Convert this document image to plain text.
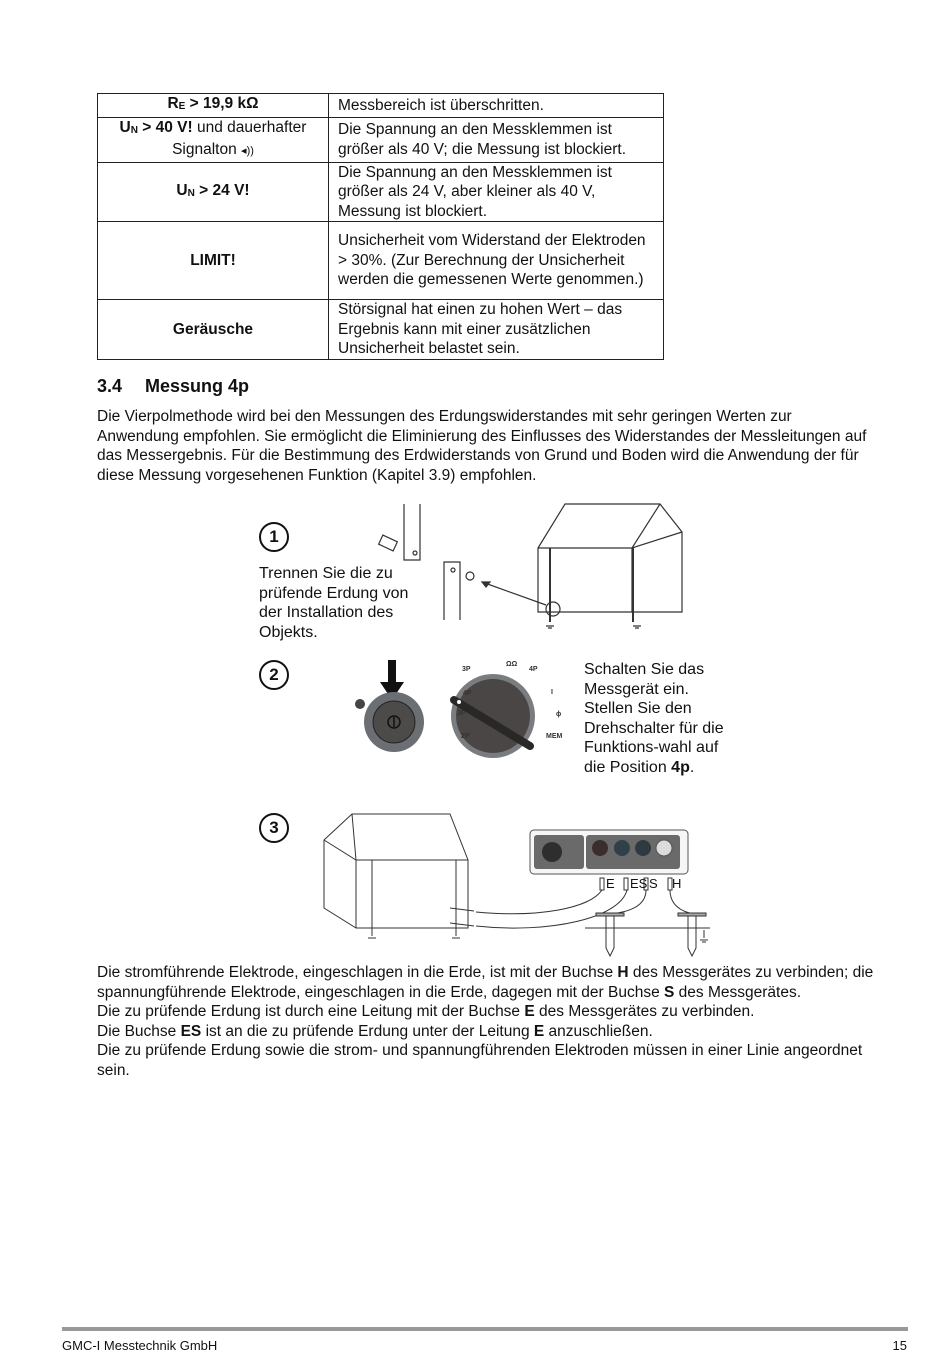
$R_E > 19,9$ kΩ	Messbereich ist überschritten.
$U_N > 40$ V! und dauerhafter Signalton ◂))	Die Spannung an den Messklemmen ist größer als 40 V; die Messung ist blockiert.
$U_N > 24$ V!	Die Spannung an den Messklemmen ist größer als 24 V, aber kleiner als 40 V, Messung ist blockiert.
LIMIT!	Unsicherheit vom Widerstand der Elektroden > 30%. (Zur Berechnung der Unsicherheit werden die gemessenen Werte genommen.)
Geräusche	Störsignal hat einen zu hohen Wert – das Ergebnis kann mit einer zusätzlichen Unsicherheit belastet sein.
3.4 Messung 4p
Die Vierpolmethode wird bei den Messungen des Erdungswiderstandes mit sehr geringen Werten zur Anwendung empfohlen. Sie ermöglicht die Eliminierung des Einflusses des Widerstandes der Messleitungen auf das Messergebnis. Für die Bestimmung des Erdwiderstands von Grund und Boden wird die Anwendung der für diese Messung vorgesehenen Funktion (Kapitel 3.9) empfohlen.
1
Trennen Sie die zu prüfende Erdung von der Installation des Objekts.
2	3P
ΩΩ
4P
4P
3P
2P
I
ϕ
MEM
Schalten Sie das Messgerät ein. Stellen Sie den Drehschalter für die Funktions-wahl auf die Position 4p.
3
E ES S H
Die stromführende Elektrode, eingeschlagen in die Erde, ist mit der Buchse H des Messgerätes zu verbinden; die spannungführende Elektrode, eingeschlagen in die Erde, dagegen mit der Buchse S des Messgerätes.
Die zu prüfende Erdung ist durch eine Leitung mit der Buchse E des Messgerätes zu verbinden.
Die Buchse ES ist an die zu prüfende Erdung unter der Leitung E anzuschließen.
Die zu prüfende Erdung sowie die strom- und spannungführenden Elektroden müssen in einer Linie angeordnet sein.
GMC-I Messtechnik GmbH	15
